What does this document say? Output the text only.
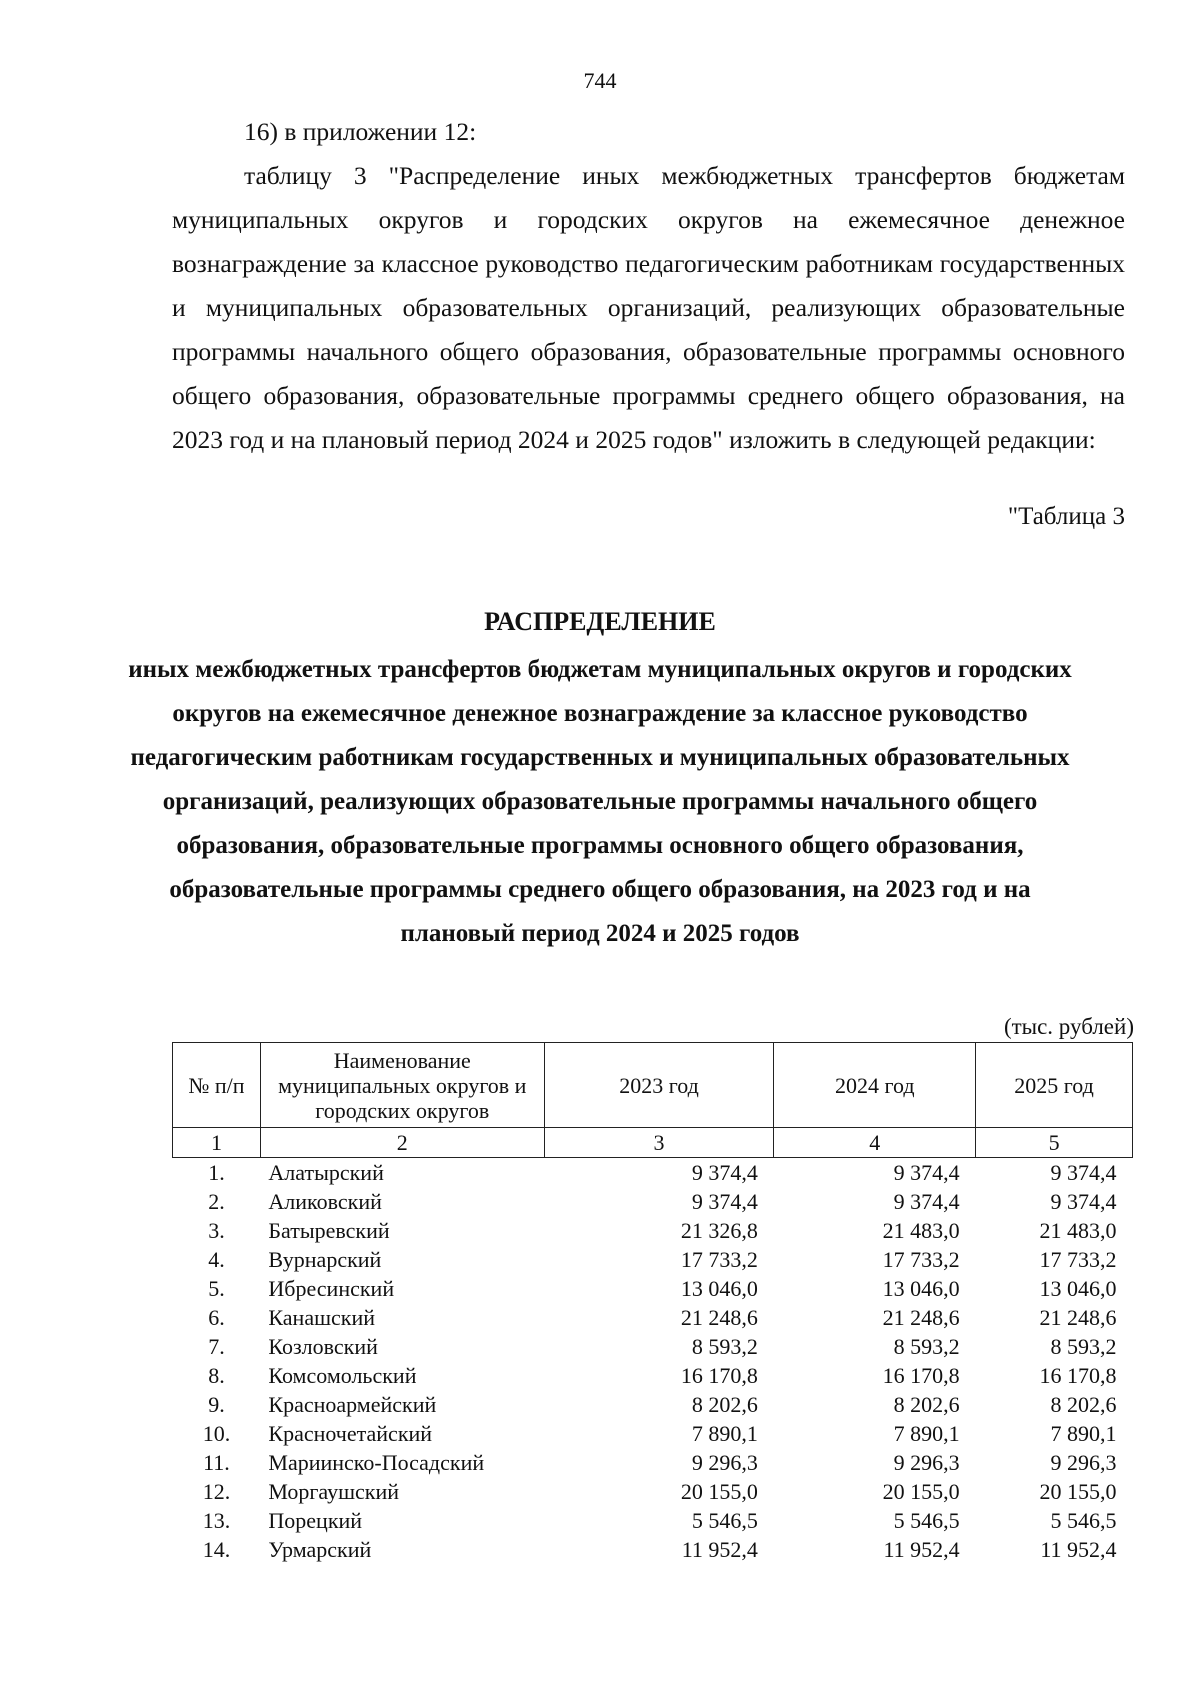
744
16) в приложении 12:
таблицу 3 "Распределение иных межбюджетных трансфертов бюджетам муниципальных округов и городских округов на ежемесячное денежное вознаграждение за классное руководство педагогическим работникам государственных и муниципальных образовательных организаций, реализующих образовательные программы начального общего образования, образовательные программы основного общего образования, образовательные программы среднего общего образования, на 2023 год и на плановый период 2024 и 2025 годов" изложить в следующей редакции:
"Таблица 3
РАСПРЕДЕЛЕНИЕ
иных межбюджетных трансфертов бюджетам муниципальных округов и городских округов на ежемесячное денежное вознаграждение за классное руководство педагогическим работникам государственных и муниципальных образовательных организаций, реализующих образовательные программы начального общего образования, образовательные программы основного общего образования, образовательные программы среднего общего образования, на 2023 год и на плановый период 2024 и 2025 годов
(тыс. рублей)
№ п/п	Наименование муниципальных округов и городских округов	2023 год	2024 год	2025 год
1	2	3	4	5
1.	Алатырский	9 374,4	9 374,4	9 374,4
2.	Аликовский	9 374,4	9 374,4	9 374,4
3.	Батыревский	21 326,8	21 483,0	21 483,0
4.	Вурнарский	17 733,2	17 733,2	17 733,2
5.	Ибресинский	13 046,0	13 046,0	13 046,0
6.	Канашский	21 248,6	21 248,6	21 248,6
7.	Козловский	8 593,2	8 593,2	8 593,2
8.	Комсомольский	16 170,8	16 170,8	16 170,8
9.	Красноармейский	8 202,6	8 202,6	8 202,6
10.	Красночетайский	7 890,1	7 890,1	7 890,1
11.	Мариинско-Посадский	9 296,3	9 296,3	9 296,3
12.	Моргаушский	20 155,0	20 155,0	20 155,0
13.	Порецкий	5 546,5	5 546,5	5 546,5
14.	Урмарский	11 952,4	11 952,4	11 952,4
